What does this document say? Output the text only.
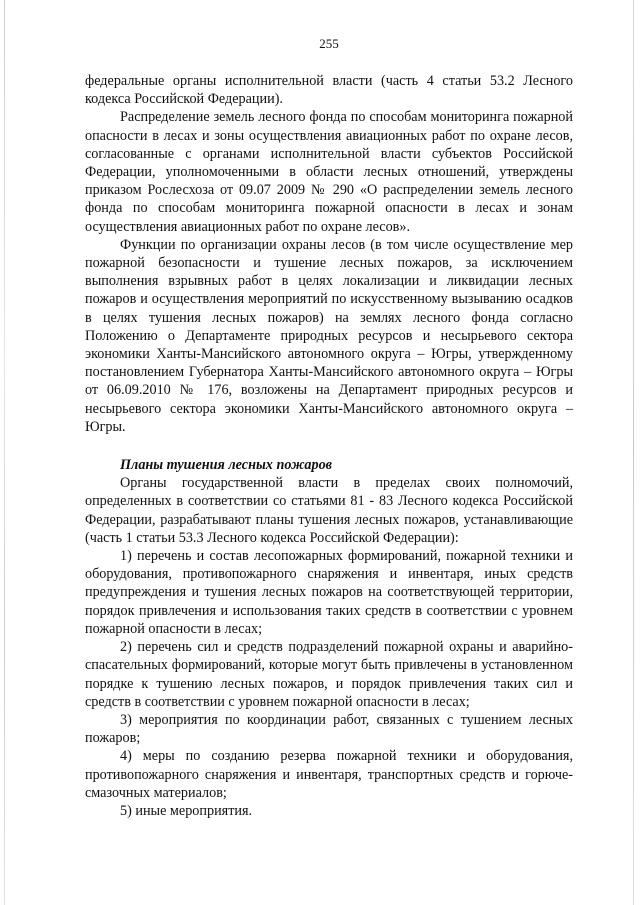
255

федеральные органы исполнительной власти (часть 4 статьи 53.2 Лесного кодекса Российской Федерации).

Распределение земель лесного фонда по способам мониторинга пожарной опасности в лесах и зоны осуществления авиационных работ по охране лесов, согласованные с органами исполнительной власти субъектов Российской Федерации, уполномоченными в области лесных отношений, утверждены приказом Рослесхоза от 09.07 2009 № 290 «О распределении земель лесного фонда по способам мониторинга пожарной опасности в лесах и зонам осуществления авиационных работ по охране лесов».

Функции по организации охраны лесов (в том числе осуществление мер пожарной безопасности и тушение лесных пожаров, за исключением выполнения взрывных работ в целях локализации и ликвидации лесных пожаров и осуществления мероприятий по искусственному вызыванию осадков в целях тушения лесных пожаров) на землях лесного фонда согласно Положению о Департаменте природных ресурсов и несырьевого сектора экономики Ханты-Мансийского автономного округа – Югры, утвержденному постановлением Губернатора Ханты-Мансийского автономного округа – Югры от 06.09.2010 № 176, возложены на Департамент природных ресурсов и несырьевого сектора экономики Ханты-Мансийского автономного округа – Югры.

Планы тушения лесных пожаров

Органы государственной власти в пределах своих полномочий, определенных в соответствии со статьями 81 - 83 Лесного кодекса Российской Федерации, разрабатывают планы тушения лесных пожаров, устанавливающие (часть 1 статьи 53.3 Лесного кодекса Российской Федерации):

1) перечень и состав лесопожарных формирований, пожарной техники и оборудования, противопожарного снаряжения и инвентаря, иных средств предупреждения и тушения лесных пожаров на соответствующей территории, порядок привлечения и использования таких средств в соответствии с уровнем пожарной опасности в лесах;

2) перечень сил и средств подразделений пожарной охраны и аварийно-спасательных формирований, которые могут быть привлечены в установленном порядке к тушению лесных пожаров, и порядок привлечения таких сил и средств в соответствии с уровнем пожарной опасности в лесах;

3) мероприятия по координации работ, связанных с тушением лесных пожаров;

4) меры по созданию резерва пожарной техники и оборудования, противопожарного снаряжения и инвентаря, транспортных средств и горюче-смазочных материалов;

5) иные мероприятия.
